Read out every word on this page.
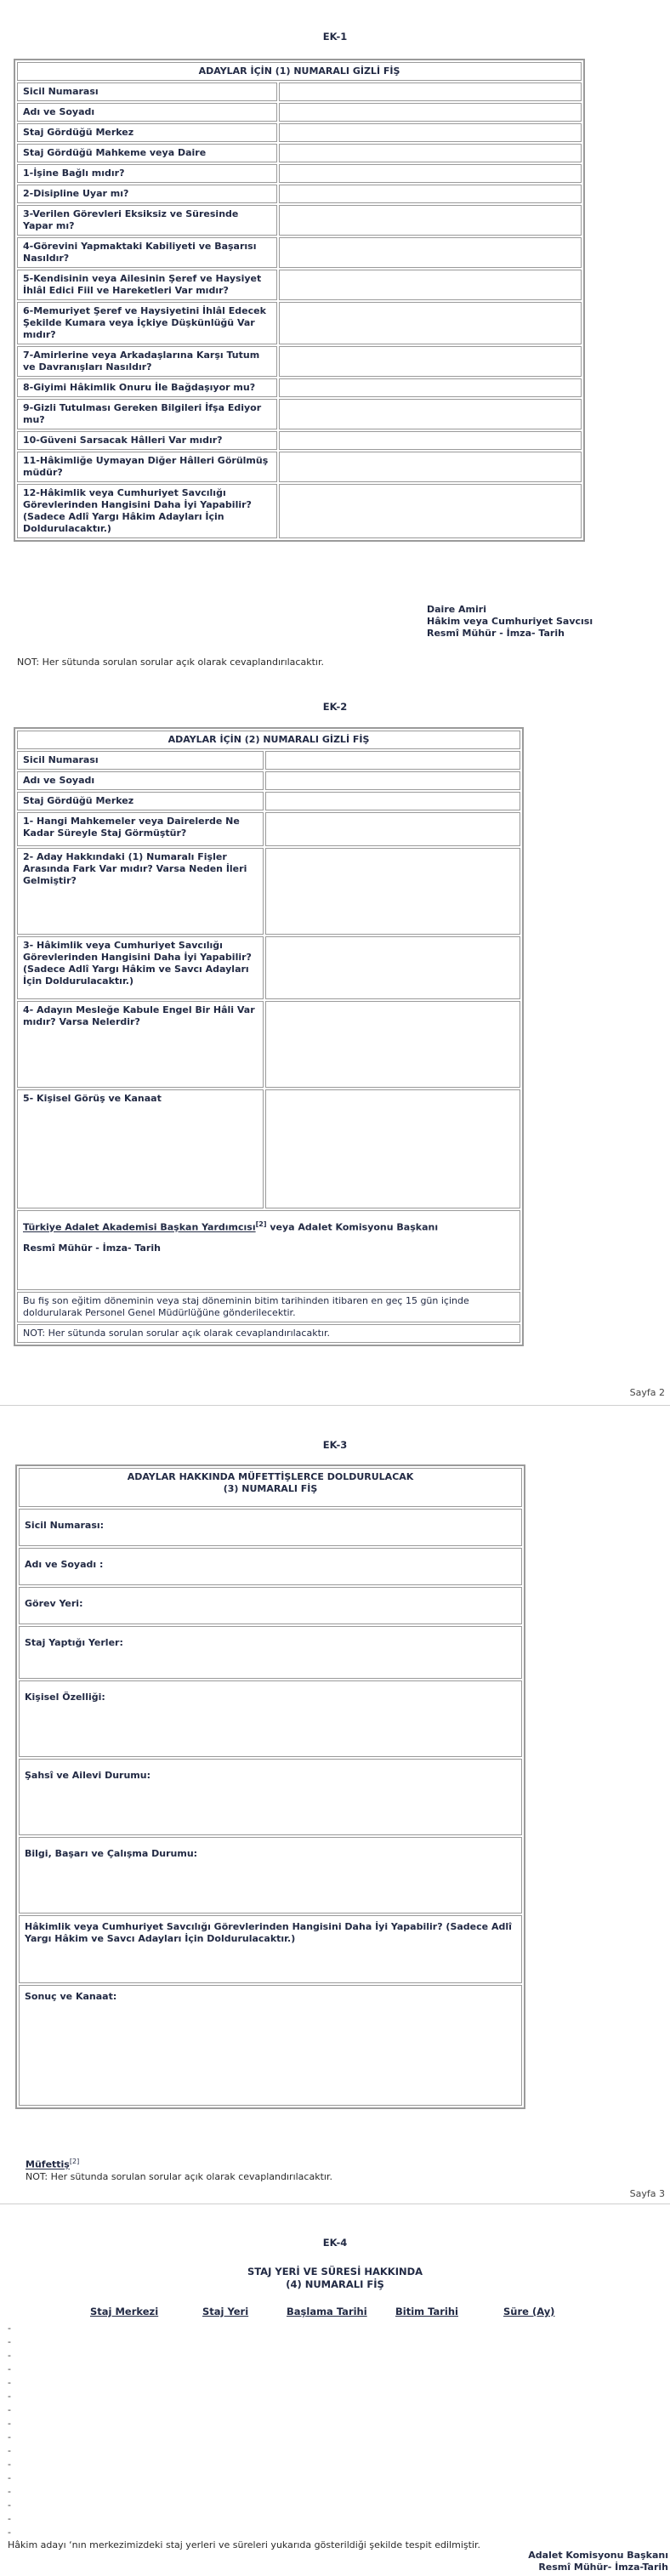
EK-1
ADAYLAR İÇİN (1) NUMARALI GİZLİ FİŞ	
Sicil Numarası	
Adı ve Soyadı	
Staj Gördüğü Merkez	
Staj Gördüğü Mahkeme veya Daire	
1-İşine Bağlı mıdır?	
2-Disipline Uyar mı?	
3-Verilen Görevleri Eksiksiz ve Süresinde Yapar mı?	
4-Görevini Yapmaktaki Kabiliyeti ve Başarısı Nasıldır?	
5-Kendisinin veya Ailesinin Şeref ve Haysiyet İhlâl Edici Fiil ve Hareketleri Var mıdır?	
6-Memuriyet Şeref ve Haysiyetini İhlâl Edecek Şekilde Kumara veya İçkiye Düşkünlüğü Var mıdır?	
7-Amirlerine veya Arkadaşlarına Karşı Tutum ve Davranışları Nasıldır?	
8-Giyimi Hâkimlik Onuru İle Bağdaşıyor mu?	
9-Gizli Tutulması Gereken Bilgileri İfşa Ediyor mu?	
10-Güveni Sarsacak Hâlleri Var mıdır?	
11-Hâkimliğe Uymayan Diğer Hâlleri Görülmüş müdür?	
12-Hâkimlik veya Cumhuriyet Savcılığı Görevlerinden Hangisini Daha İyi Yapabilir? (Sadece Adlî Yargı Hâkim Adayları İçin Doldurulacaktır.)	
Daire Amiri
Hâkim veya Cumhuriyet Savcısı
Resmî Mühür - İmza- Tarih
NOT: Her sütunda sorulan sorular açık olarak cevaplandırılacaktır.
EK-2
ADAYLAR İÇİN (2) NUMARALI GİZLİ FİŞ	
Sicil Numarası	
Adı ve Soyadı	
Staj Gördüğü Merkez	
1- Hangi Mahkemeler veya Dairelerde Ne Kadar Süreyle Staj Görmüştür?	
2- Aday Hakkındaki (1) Numaralı Fişler Arasında Fark Var mıdır? Varsa Neden İleri Gelmiştir?	
3- Hâkimlik veya Cumhuriyet Savcılığı Görevlerinden Hangisini Daha İyi Yapabilir? (Sadece Adlî Yargı Hâkim ve Savcı Adayları İçin Doldurulacaktır.)	
4- Adayın Mesleğe Kabule Engel Bir Hâli Var mıdır? Varsa Nelerdir?	
5- Kişisel Görüş ve Kanaat	

Türkiye Adalet Akademisi Başkan Yardımcısı[2] veya Adalet Komisyonu Başkanı
Resmî Mühür - İmza- Tarih	

Bu fiş son eğitim döneminin veya staj döneminin bitim tarihinden itibaren en geç 15 gün içinde doldurularak Personel Genel Müdürlüğüne gönderilecektir.	
NOT: Her sütunda sorulan sorular açık olarak cevaplandırılacaktır.	
Sayfa 2
EK-3
ADAYLAR HAKKINDA MÜFETTİŞLERCE DOLDURULACAK
(3) NUMARALI FİŞ

Sicil Numarası:
Adı ve Soyadı :
Görev Yeri:
Staj Yaptığı Yerler:
Kişisel Özelliği:
Şahsî ve Ailevi Durumu:
Bilgi, Başarı ve Çalışma Durumu:
Hâkimlik veya Cumhuriyet Savcılığı Görevlerinden Hangisini Daha İyi Yapabilir? (Sadece Adlî Yargı Hâkim ve Savcı Adayları İçin Doldurulacaktır.)
Sonuç ve Kanaat:
Müfettiş[2]
NOT: Her sütunda sorulan sorular açık olarak cevaplandırılacaktır.
Sayfa 3
EK-4
STAJ YERİ VE SÜRESİ HAKKINDA
(4) NUMARALI FİŞ
Staj Merkezi	Staj Yeri	Başlama Tarihi	Bitim Tarihi	Süre (Ay)
-
-
-
-
-
-
-
-
-
-
-
-
-
-
-
-
Hâkim adayı ‘nın merkezimizdeki staj yerleri ve süreleri yukarıda gösterildiği şekilde tespit edilmiştir.
Adalet Komisyonu Başkanı
Resmî Mühür- İmza-Tarih
